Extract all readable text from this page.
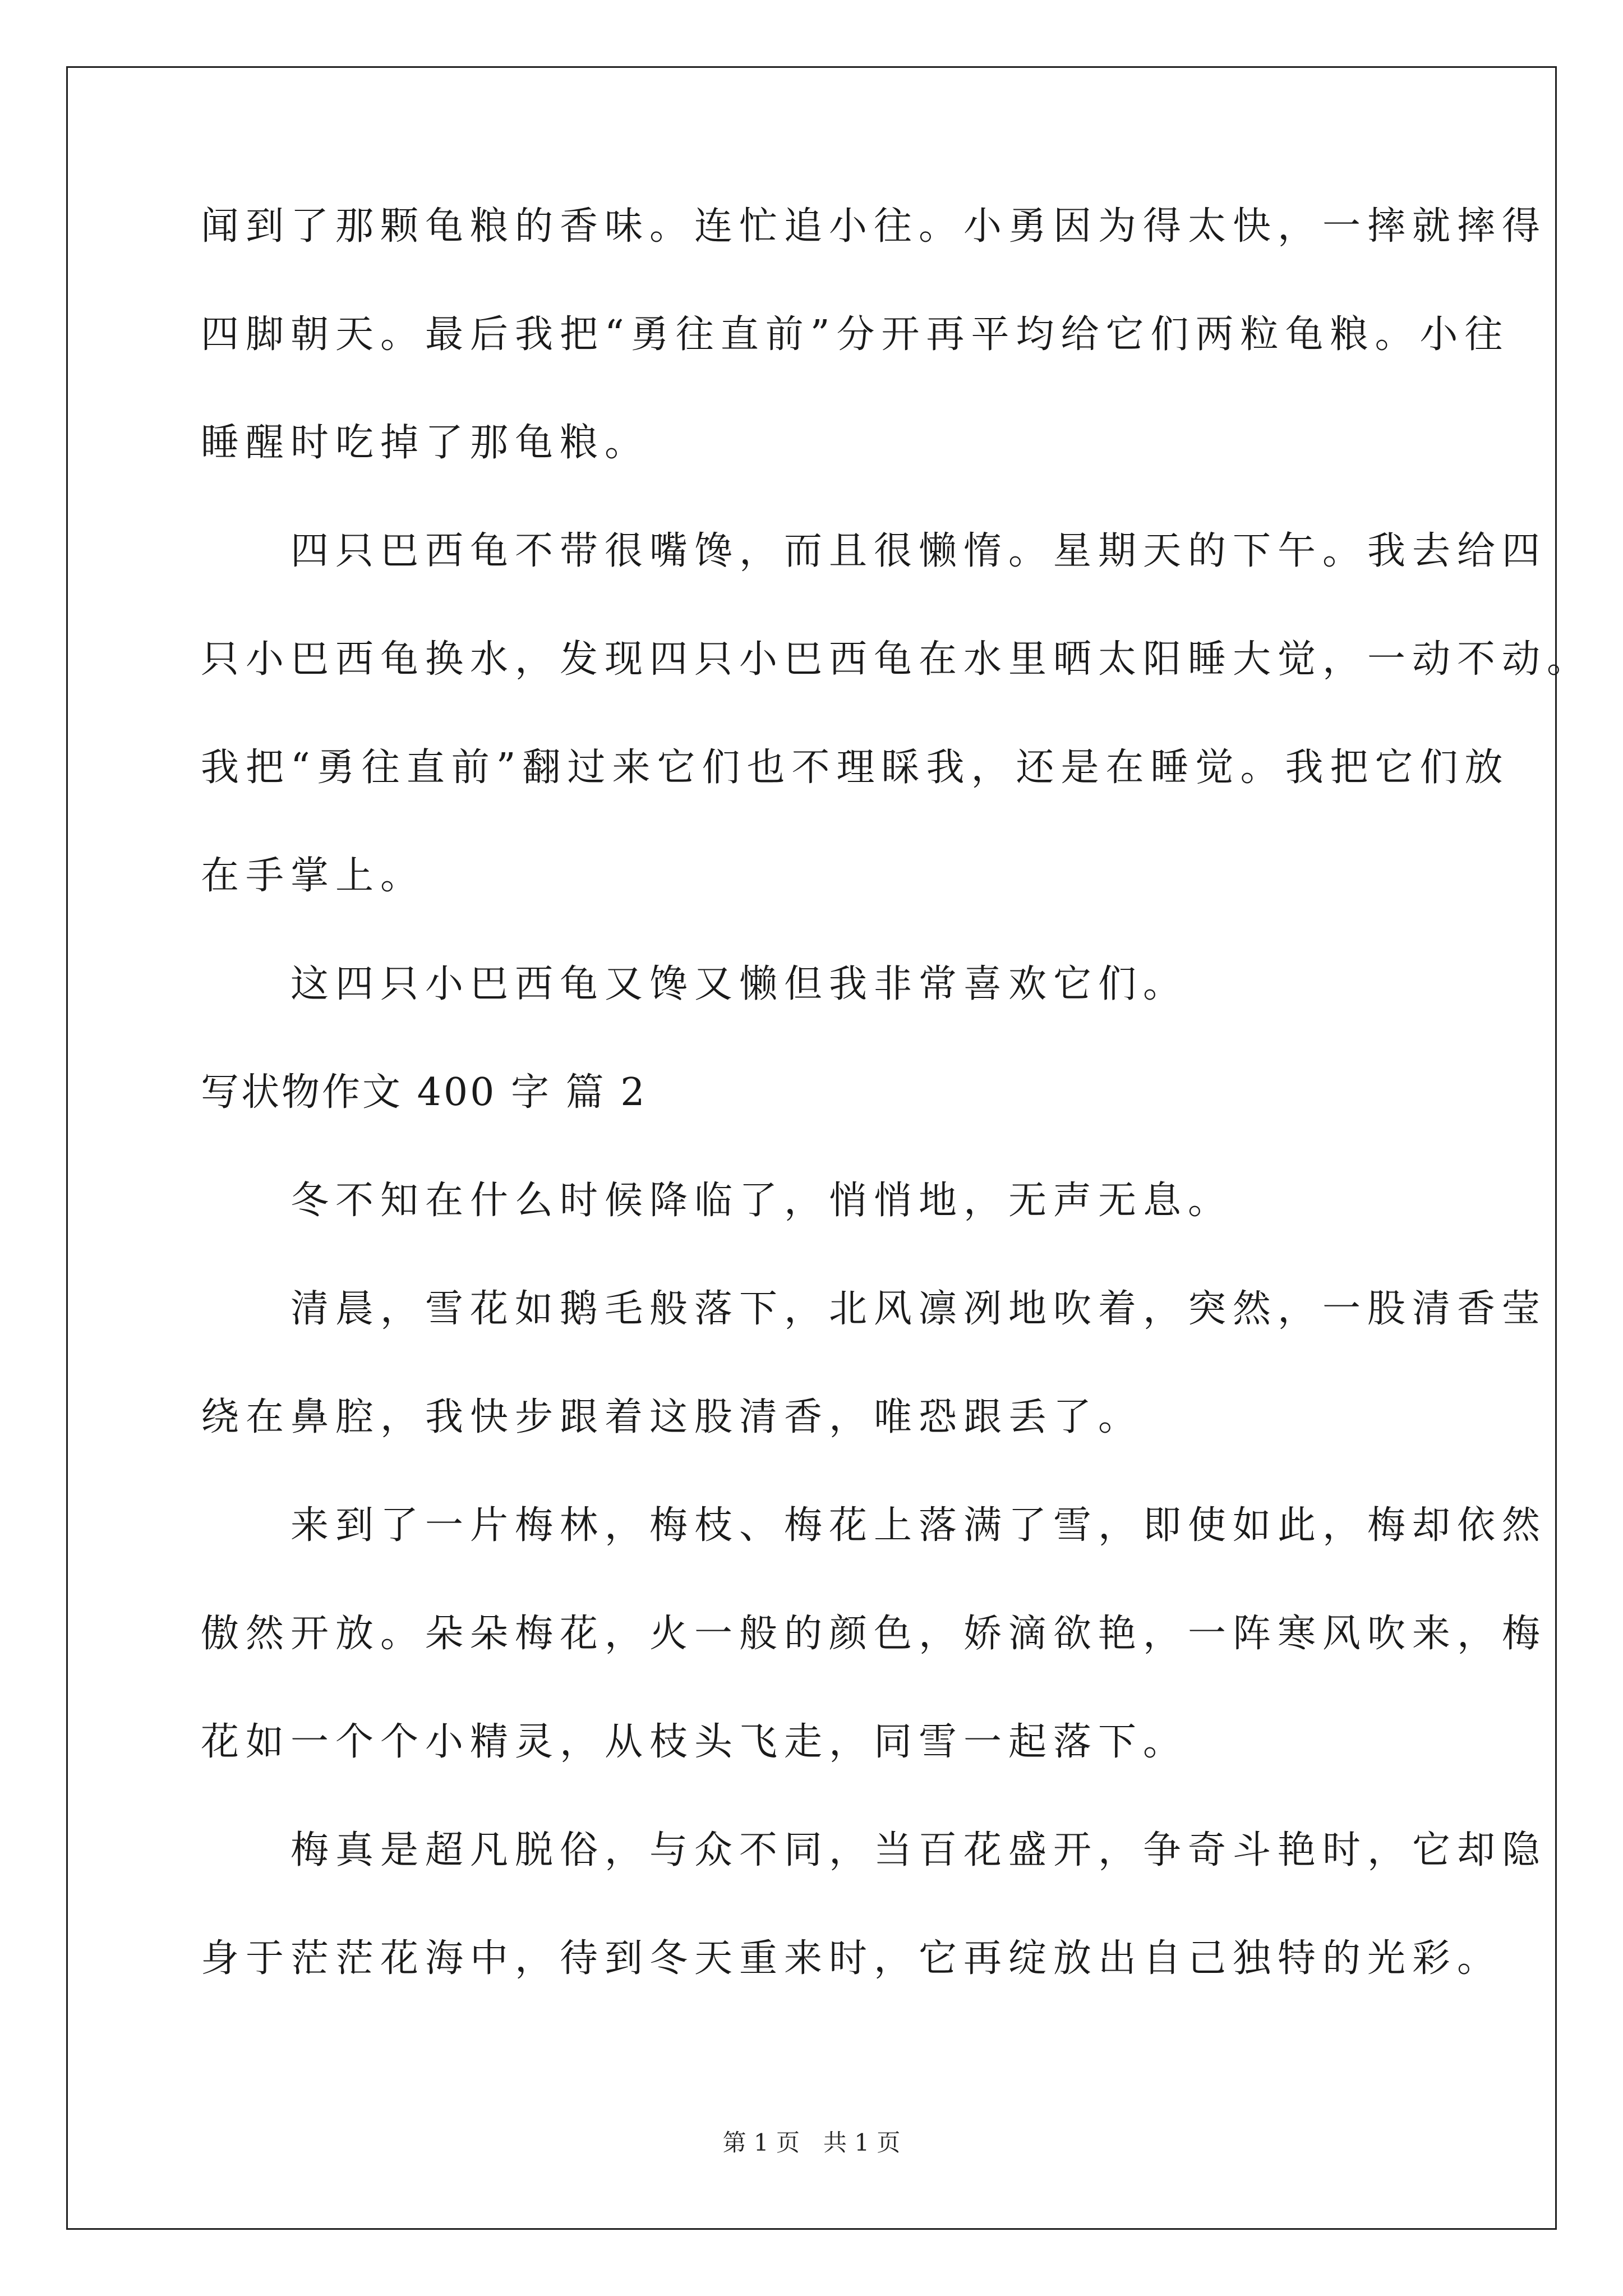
闻到了那颗龟粮的香味。连忙追小往。小勇因为得太快，一摔就摔得
四脚朝天。最后我把“勇往直前”分开再平均给它们两粒龟粮。小往
睡醒时吃掉了那龟粮。
　　四只巴西龟不带很嘴馋，而且很懒惰。星期天的下午。我去给四
只小巴西龟换水，发现四只小巴西龟在水里晒太阳睡大觉，一动不动。
我把“勇往直前”翻过来它们也不理睬我，还是在睡觉。我把它们放
在手掌上。
　　这四只小巴西龟又馋又懒但我非常喜欢它们。
写状物作文 400 字 篇 2
　　冬不知在什么时候降临了，悄悄地，无声无息。
　　清晨，雪花如鹅毛般落下，北风凛冽地吹着，突然，一股清香莹
绕在鼻腔，我快步跟着这股清香，唯恐跟丢了。
　　来到了一片梅林，梅枝、梅花上落满了雪，即使如此，梅却依然
傲然开放。朵朵梅花，火一般的颜色，娇滴欲艳，一阵寒风吹来，梅
花如一个个小精灵，从枝头飞走，同雪一起落下。
　　梅真是超凡脱俗，与众不同，当百花盛开，争奇斗艳时，它却隐
身于茫茫花海中，待到冬天重来时，它再绽放出自己独特的光彩。
第 1 页　共 1 页
